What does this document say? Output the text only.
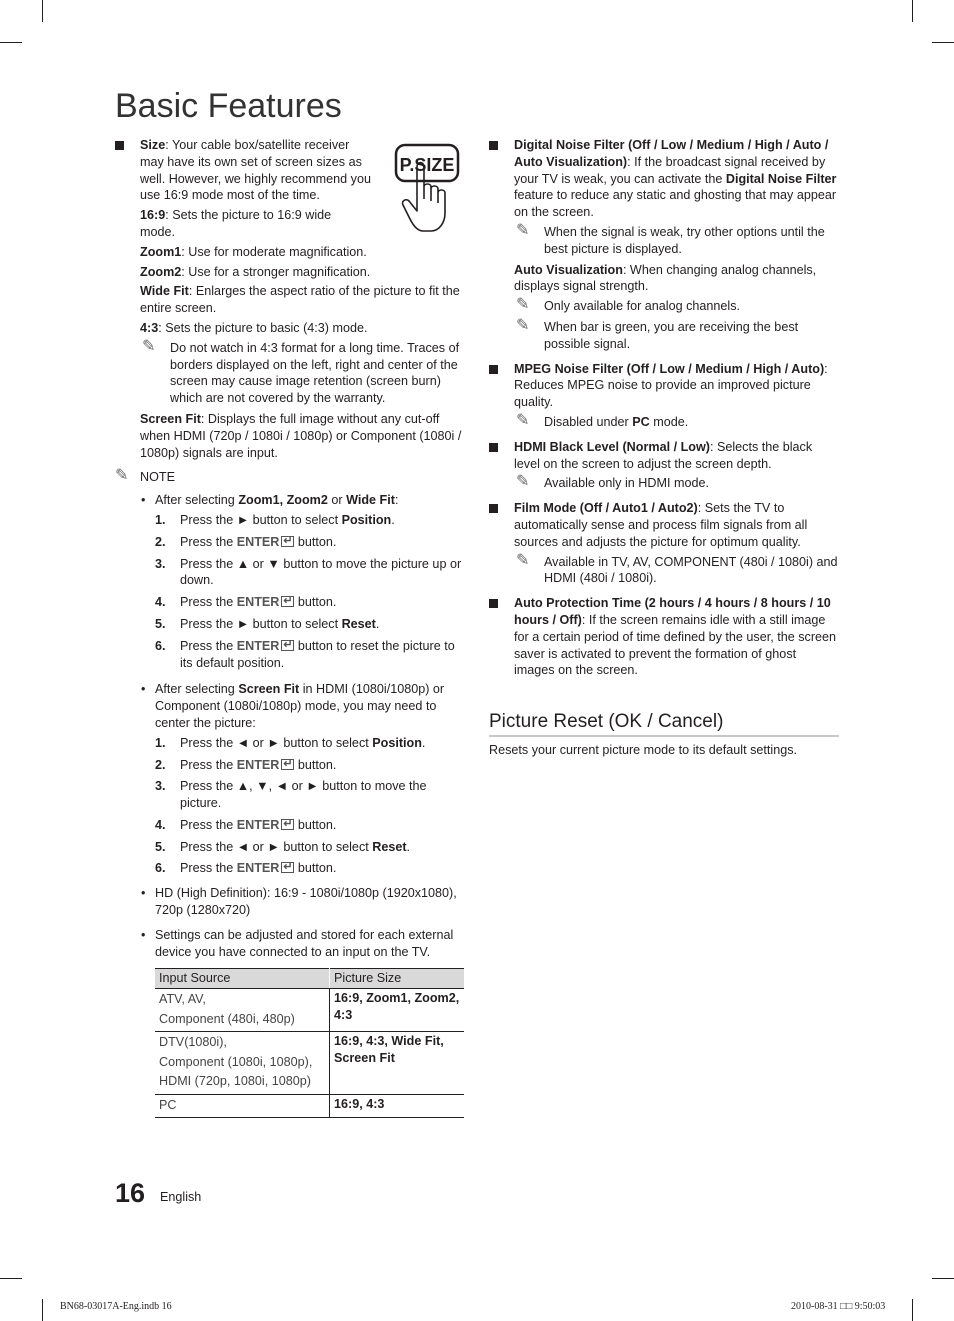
Basic Features
P.SIZE

Size: Your cable box/satellite receiver may have its own set of screen sizes as well. However, we highly recommend you use 16:9 mode most of the time.

16:9: Sets the picture to 16:9 wide mode.

Zoom1: Use for moderate magnification.

Zoom2: Use for a stronger magnification.

Wide Fit: Enlarges the aspect ratio of the picture to fit the entire screen.

4:3: Sets the picture to basic (4:3) mode.

✎ Do not watch in 4:3 format for a long time. Traces of borders displayed on the left, right and center of the screen may cause image retention (screen burn) which are not covered by the warranty.

Screen Fit: Displays the full image without any cut-off when HDMI (720p / 1080i / 1080p) or Component (1080i / 1080p) signals are input.

✎ NOTE
• After selecting Zoom1, Zoom2 or Wide Fit:
1. Press the ► button to select Position.
2. Press the ENTER↵ button.
3. Press the ▲ or ▼ button to move the picture up or down.
4. Press the ENTER↵ button.
5. Press the ► button to select Reset.
6. Press the ENTER↵ button to reset the picture to its default position.
• After selecting Screen Fit in HDMI (1080i/1080p) or Component (1080i/1080p) mode, you may need to center the picture:
1. Press the ◄ or ► button to select Position.
2. Press the ENTER↵ button.
3. Press the ▲, ▼, ◄ or ► button to move the picture.
4. Press the ENTER↵ button.
5. Press the ◄ or ► button to select Reset.
6. Press the ENTER↵ button.
• HD (High Definition): 16:9 - 1080i/1080p (1920x1080), 720p (1280x720)
• Settings can be adjusted and stored for each external device you have connected to an input on the TV.
Input Source	Picture Size
ATV, AV,
Component (480i, 480p)	16:9, Zoom1, Zoom2, 4:3
DTV(1080i),
Component (1080i, 1080p),
HDMI (720p, 1080i, 1080p)	16:9, 4:3, Wide Fit, Screen Fit
PC	16:9, 4:3

Digital Noise Filter (Off / Low / Medium / High / Auto / Auto Visualization): If the broadcast signal received by your TV is weak, you can activate the Digital Noise Filter feature to reduce any static and ghosting that may appear on the screen.

✎ When the signal is weak, try other options until the best picture is displayed.

Auto Visualization: When changing analog channels, displays signal strength.

✎ Only available for analog channels.
✎ When bar is green, you are receiving the best possible signal.

MPEG Noise Filter (Off / Low / Medium / High / Auto): Reduces MPEG noise to provide an improved picture quality.

✎ Disabled under PC mode.

HDMI Black Level (Normal / Low): Selects the black level on the screen to adjust the screen depth.

✎ Available only in HDMI mode.

Film Mode (Off / Auto1 / Auto2): Sets the TV to automatically sense and process film signals from all sources and adjusts the picture for optimum quality.

✎ Available in TV, AV, COMPONENT (480i / 1080i) and HDMI (480i / 1080i).

Auto Protection Time (2 hours / 4 hours / 8 hours / 10 hours / Off): If the screen remains idle with a still image for a certain period of time defined by the user, the screen saver is activated to prevent the formation of ghost images on the screen.

Picture Reset (OK / Cancel)

Resets your current picture mode to its default settings.

16 English
BN68-03017A-Eng.indb 16	2010-08-31 □□ 9:50:03
